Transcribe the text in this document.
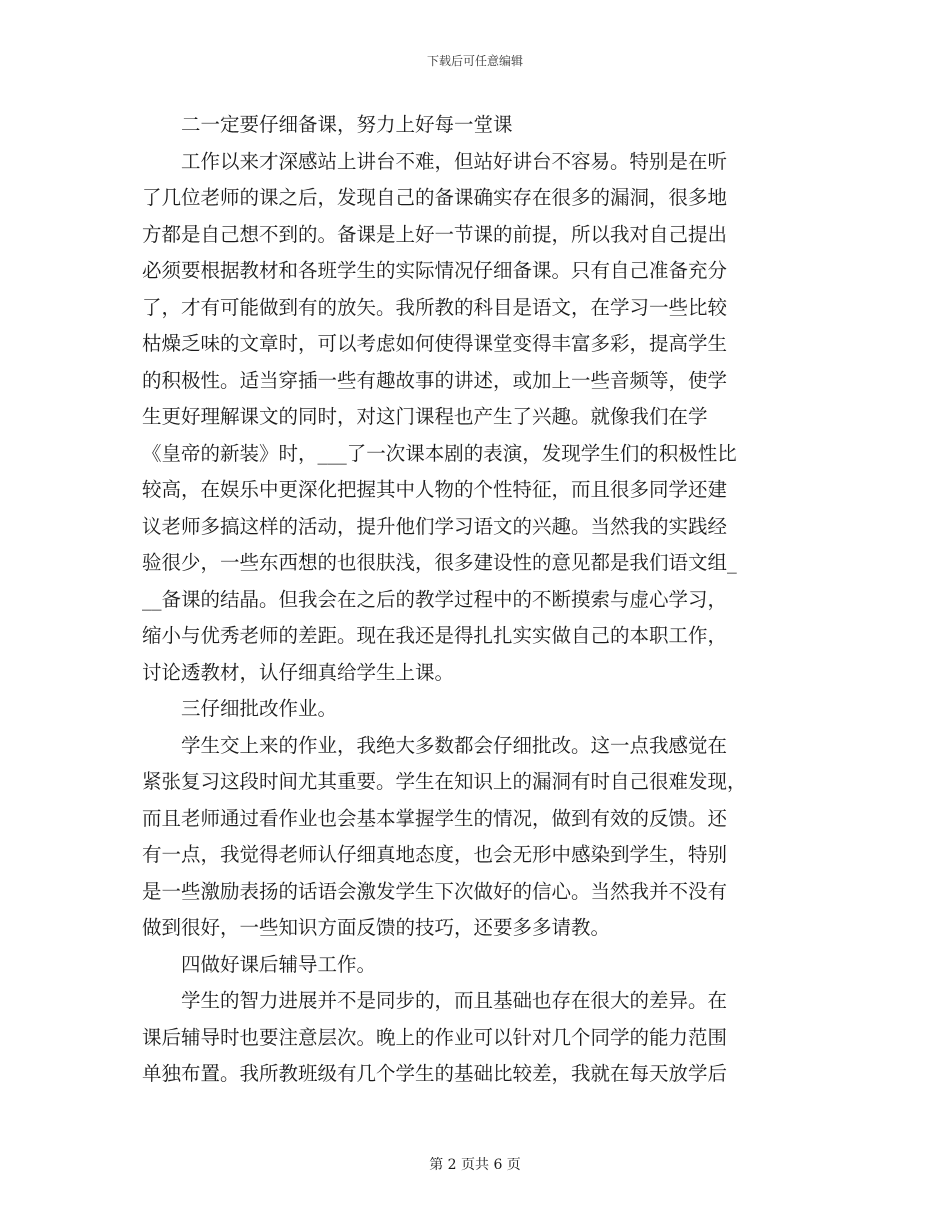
下载后可任意编辑
二一定要仔细备课，努力上好每一堂课
工作以来才深感站上讲台不难，但站好讲台不容易。特别是在听
了几位老师的课之后，发现自己的备课确实存在很多的漏洞，很多地
方都是自己想不到的。备课是上好一节课的前提，所以我对自己提出
必须要根据教材和各班学生的实际情况仔细备课。只有自己准备充分
了，才有可能做到有的放矢。我所教的科目是语文，在学习一些比较
枯燥乏味的文章时，可以考虑如何使得课堂变得丰富多彩，提高学生
的积极性。适当穿插一些有趣故事的讲述，或加上一些音频等，使学
生更好理解课文的同时，对这门课程也产生了兴趣。就像我们在学
《皇帝的新装》时，___了一次课本剧的表演，发现学生们的积极性比
较高，在娱乐中更深化把握其中人物的个性特征，而且很多同学还建
议老师多搞这样的活动，提升他们学习语文的兴趣。当然我的实践经
验很少，一些东西想的也很肤浅，很多建设性的意见都是我们语文组_
__备课的结晶。但我会在之后的教学过程中的不断摸索与虚心学习，
缩小与优秀老师的差距。现在我还是得扎扎实实做自己的本职工作，
讨论透教材，认仔细真给学生上课。
三仔细批改作业。
学生交上来的作业，我绝大多数都会仔细批改。这一点我感觉在
紧张复习这段时间尤其重要。学生在知识上的漏洞有时自己很难发现，
而且老师通过看作业也会基本掌握学生的情况，做到有效的反馈。还
有一点，我觉得老师认仔细真地态度，也会无形中感染到学生，特别
是一些激励表扬的话语会激发学生下次做好的信心。当然我并不没有
做到很好，一些知识方面反馈的技巧，还要多多请教。
四做好课后辅导工作。
学生的智力进展并不是同步的，而且基础也存在很大的差异。在
课后辅导时也要注意层次。晚上的作业可以针对几个同学的能力范围
单独布置。我所教班级有几个学生的基础比较差，我就在每天放学后
第 2 页共 6 页
